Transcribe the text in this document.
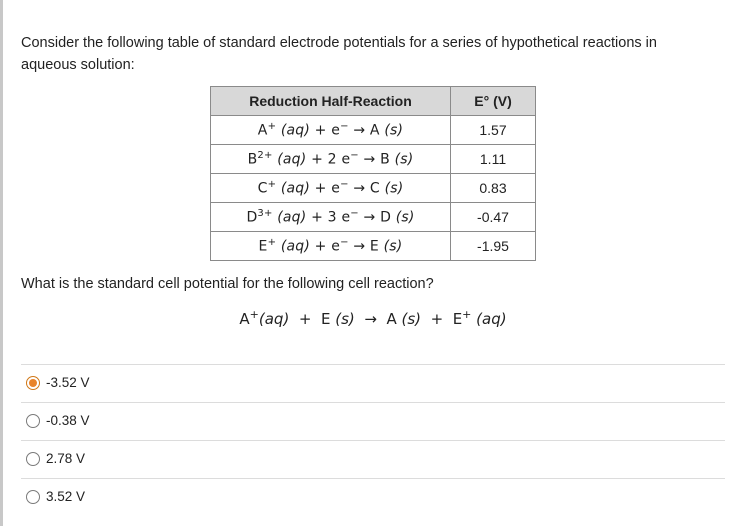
Consider the following table of standard electrode potentials for a series of hypothetical reactions in aqueous solution:
Reduction Half-Reaction	E° (V)
A+ (aq) + e− → A (s)	1.57
$B^{2+}$ (aq) + 2 e− → B (s)	1.11
C+ (aq) + e− → C (s)	0.83
$D^{3+}$ (aq) + 3 e− → D (s)	-0.47
E+ (aq) + e− → E (s)	-1.95
What is the standard cell potential for the following cell reaction?
A+(aq)  +  E (s)  →  A (s)  +  E+ (aq)
-3.52 V
-0.38 V
2.78 V
3.52 V
